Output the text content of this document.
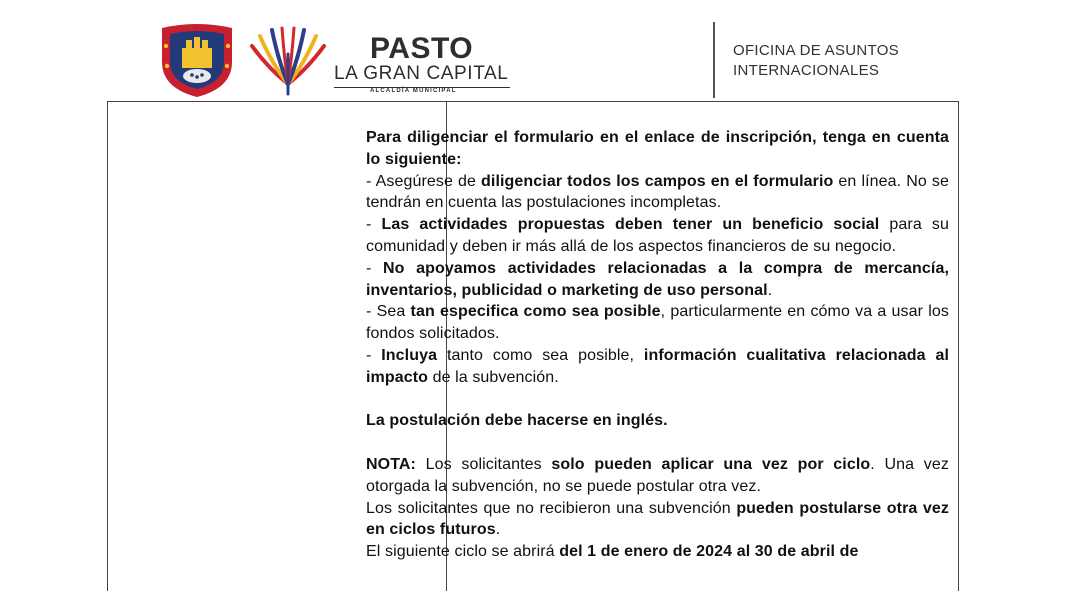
PASTO
LA GRAN CAPITAL
ALCALDÍA MUNICIPAL
OFICINA DE ASUNTOS
INTERNACIONALES

Para diligenciar el formulario en el enlace de inscripción, tenga en cuenta lo siguiente:

- Asegúrese de diligenciar todos los campos en el formulario en línea. No se tendrán en cuenta las postulaciones incompletas.

- Las actividades propuestas deben tener un beneficio social para su comunidad y deben ir más allá de los aspectos financieros de su negocio.

- No apoyamos actividades relacionadas a la compra de mercancía, inventarios, publicidad o marketing de uso personal.

- Sea tan especifica como sea posible, particularmente en cómo va a usar los fondos solicitados.

- Incluya tanto como sea posible, información cualitativa relacionada al impacto de la subvención.

La postulación debe hacerse en inglés.

NOTA: Los solicitantes solo pueden aplicar una vez por ciclo. Una vez otorgada la subvención, no se puede postular otra vez.

Los solicitantes que no recibieron una subvención pueden postularse otra vez en ciclos futuros.

El siguiente ciclo se abrirá del 1 de enero de 2024 al 30 de abril de
